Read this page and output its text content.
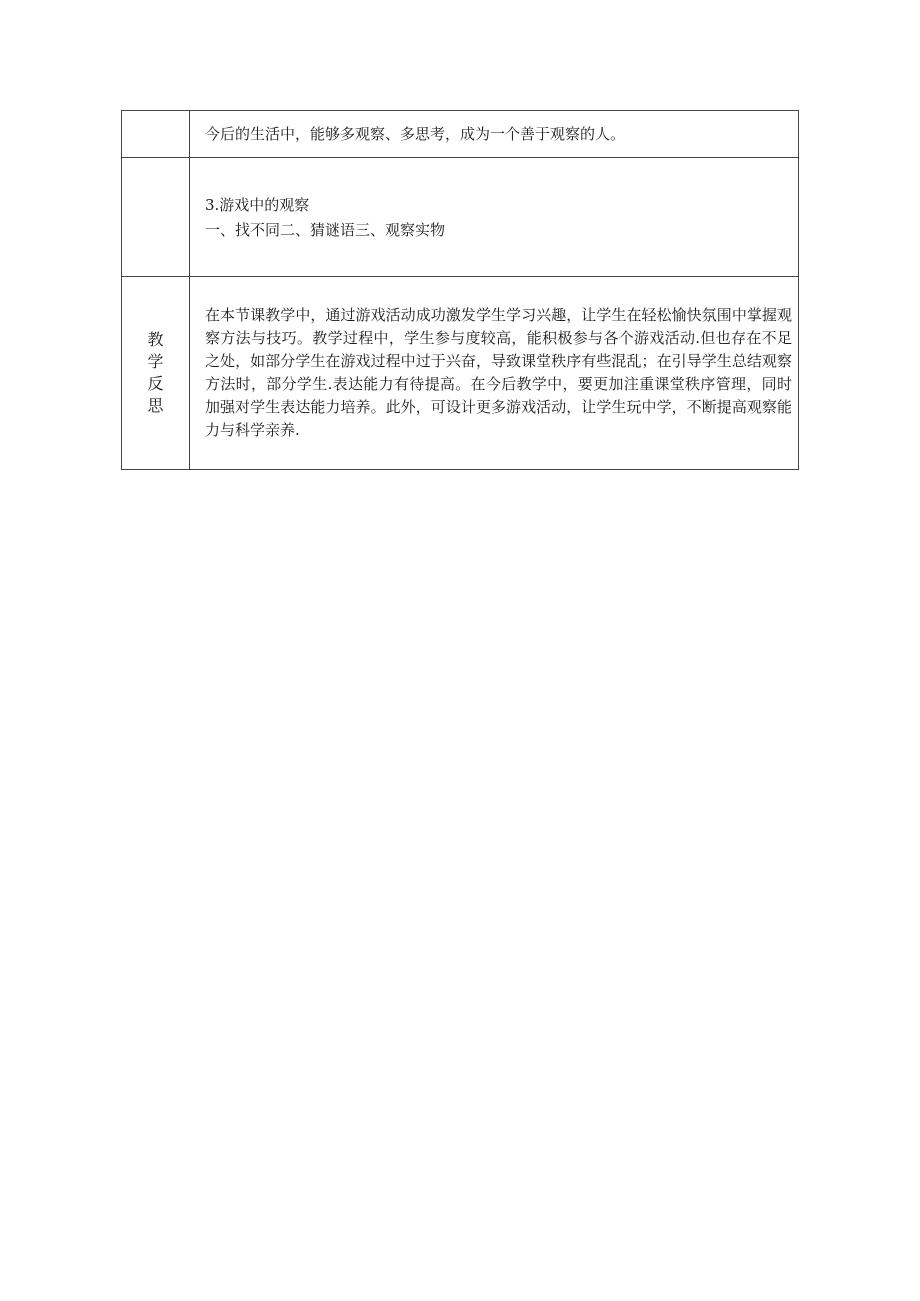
	今后的生活中，能够多观察、多思考，成为一个善于观察的人。

	3.游戏中的观察
一、找不同二、猜谜语三、观察实物

教学反思	在本节课教学中，通过游戏活动成功激发学生学习兴趣，让学生在轻松愉快氛围中掌握观察方法与技巧。教学过程中，学生参与度较高，能积极参与各个游戏活动.但也存在不足之处，如部分学生在游戏过程中过于兴奋，导致课堂秩序有些混乱；在引导学生总结观察方法时，部分学生.表达能力有待提高。在今后教学中，要更加注重课堂秩序管理，同时加强对学生表达能力培养。此外，可设计更多游戏活动，让学生玩中学，不断提高观察能力与科学亲养.
